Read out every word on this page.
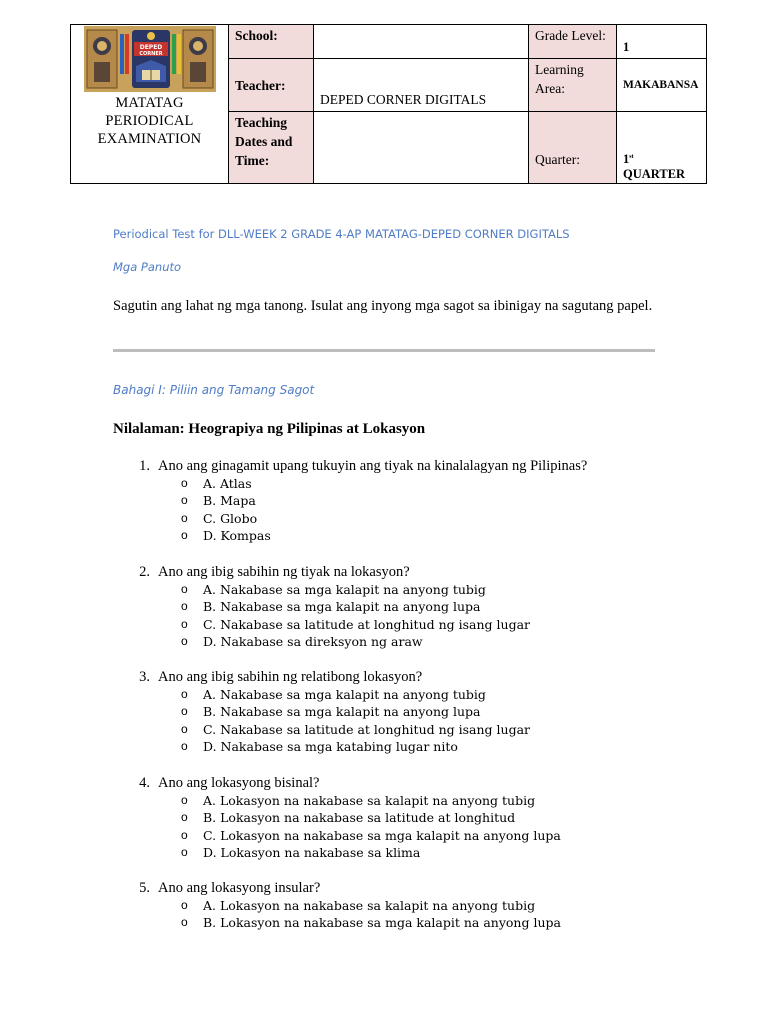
DEPED
CORNER
MATATAG
PERIODICAL
EXAMINATION	School:		Grade Level:	1
	Teacher:	DEPED CORNER DIGITALS	Learning Area:	MAKABANSA
	Teaching Dates and Time:		Quarter:	1st
QUARTER
Periodical Test for DLL-WEEK 2 GRADE 4-AP MATATAG-DEPED CORNER DIGITALS
Mga Panuto
Sagutin ang lahat ng mga tanong. Isulat ang inyong mga sagot sa ibinigay na sagutang papel.
Bahagi I: Piliin ang Tamang Sagot
Nilalaman: Heograpiya ng Pilipinas at Lokasyon
1. Ano ang ginagamit upang tukuyin ang tiyak na kinalalagyan ng Pilipinas?
o	A. Atlas
o	B. Mapa
o	C. Globo
o	D. Kompas
2. Ano ang ibig sabihin ng tiyak na lokasyon?
o	A. Nakabase sa mga kalapit na anyong tubig
o	B. Nakabase sa mga kalapit na anyong lupa
o	C. Nakabase sa latitude at longhitud ng isang lugar
o	D. Nakabase sa direksyon ng araw
3. Ano ang ibig sabihin ng relatibong lokasyon?
o	A. Nakabase sa mga kalapit na anyong tubig
o	B. Nakabase sa mga kalapit na anyong lupa
o	C. Nakabase sa latitude at longhitud ng isang lugar
o	D. Nakabase sa mga katabing lugar nito
4. Ano ang lokasyong bisinal?
o	A. Lokasyon na nakabase sa kalapit na anyong tubig
o	B. Lokasyon na nakabase sa latitude at longhitud
o	C. Lokasyon na nakabase sa mga kalapit na anyong lupa
o	D. Lokasyon na nakabase sa klima
5. Ano ang lokasyong insular?
o	A. Lokasyon na nakabase sa kalapit na anyong tubig
o	B. Lokasyon na nakabase sa mga kalapit na anyong lupa
